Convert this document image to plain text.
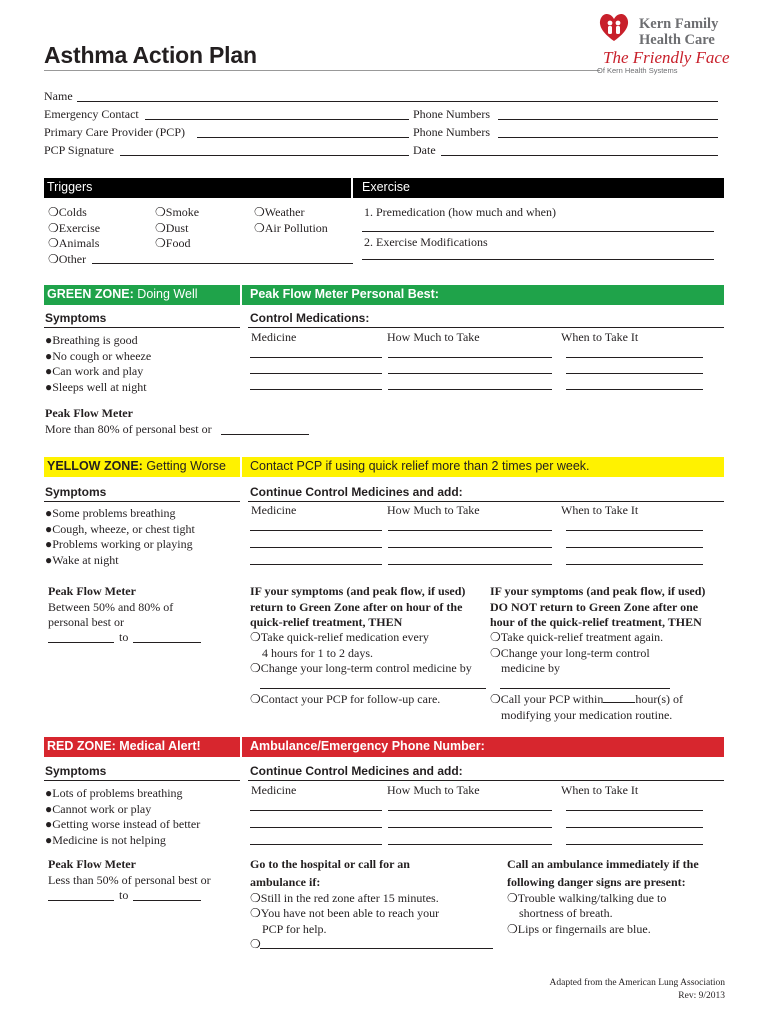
Asthma Action Plan
Kern Family
Health Care
The Friendly Face
Of Kern Health Systems
Name
Emergency Contact	Phone Numbers
Primary Care Provider (PCP)	Phone Numbers
PCP Signature	Date
Triggers	Exercise
❍Colds
❍Exercise
❍Animals
❍Other
❍Smoke
❍Dust
❍Food
❍Weather
❍Air Pollution
1. Premedication (how much and when)
2. Exercise Modifications
GREEN ZONE: Doing Well	Peak Flow Meter Personal Best:
Symptoms	Control Medications:
●Breathing is good
●No cough or wheeze
●Can work and play
●Sleeps well at night
Medicine	How Much to Take	When to Take It
Peak Flow Meter
More than 80% of personal best or
YELLOW ZONE: Getting Worse Contact PCP if using quick relief more than 2 times per week.
Symptoms	Continue Control Medicines and add:
●Some problems breathing
●Cough, wheeze, or chest tight
●Problems working or playing
●Wake at night
Medicine	How Much to Take	When to Take It
Peak Flow Meter
Between 50% and 80% of
personal best or
to
IF your symptoms (and peak flow, if used)
return to Green Zone after on hour of the
quick-relief treatment, THEN
❍Take quick-relief medication every
4 hours for 1 to 2 days.
❍Change your long-term control medicine by
❍Contact your PCP for follow-up care.
IF your symptoms (and peak flow, if used)
DO NOT return to Green Zone after one
hour of the quick-relief treatment, THEN
❍Take quick-relief treatment again.
❍Change your long-term control
medicine by
❍Call your PCP within	hour(s) of
modifying your medication routine.
RED ZONE: Medical Alert!	Ambulance/Emergency Phone Number:
Symptoms	Continue Control Medicines and add:
●Lots of problems breathing
●Cannot work or play
●Getting worse instead of better
●Medicine is not helping
Medicine	How Much to Take	When to Take It
Peak Flow Meter
Less than 50% of personal best or
to
Go to the hospital or call for an
ambulance if:
❍Still in the red zone after 15 minutes.
❍You have not been able to reach your
PCP for help.
❍
Call an ambulance immediately if the
following danger signs are present:
❍Trouble walking/talking due to
shortness of breath.
❍Lips or fingernails are blue.
Adapted from the American Lung Association
Rev: 9/2013
